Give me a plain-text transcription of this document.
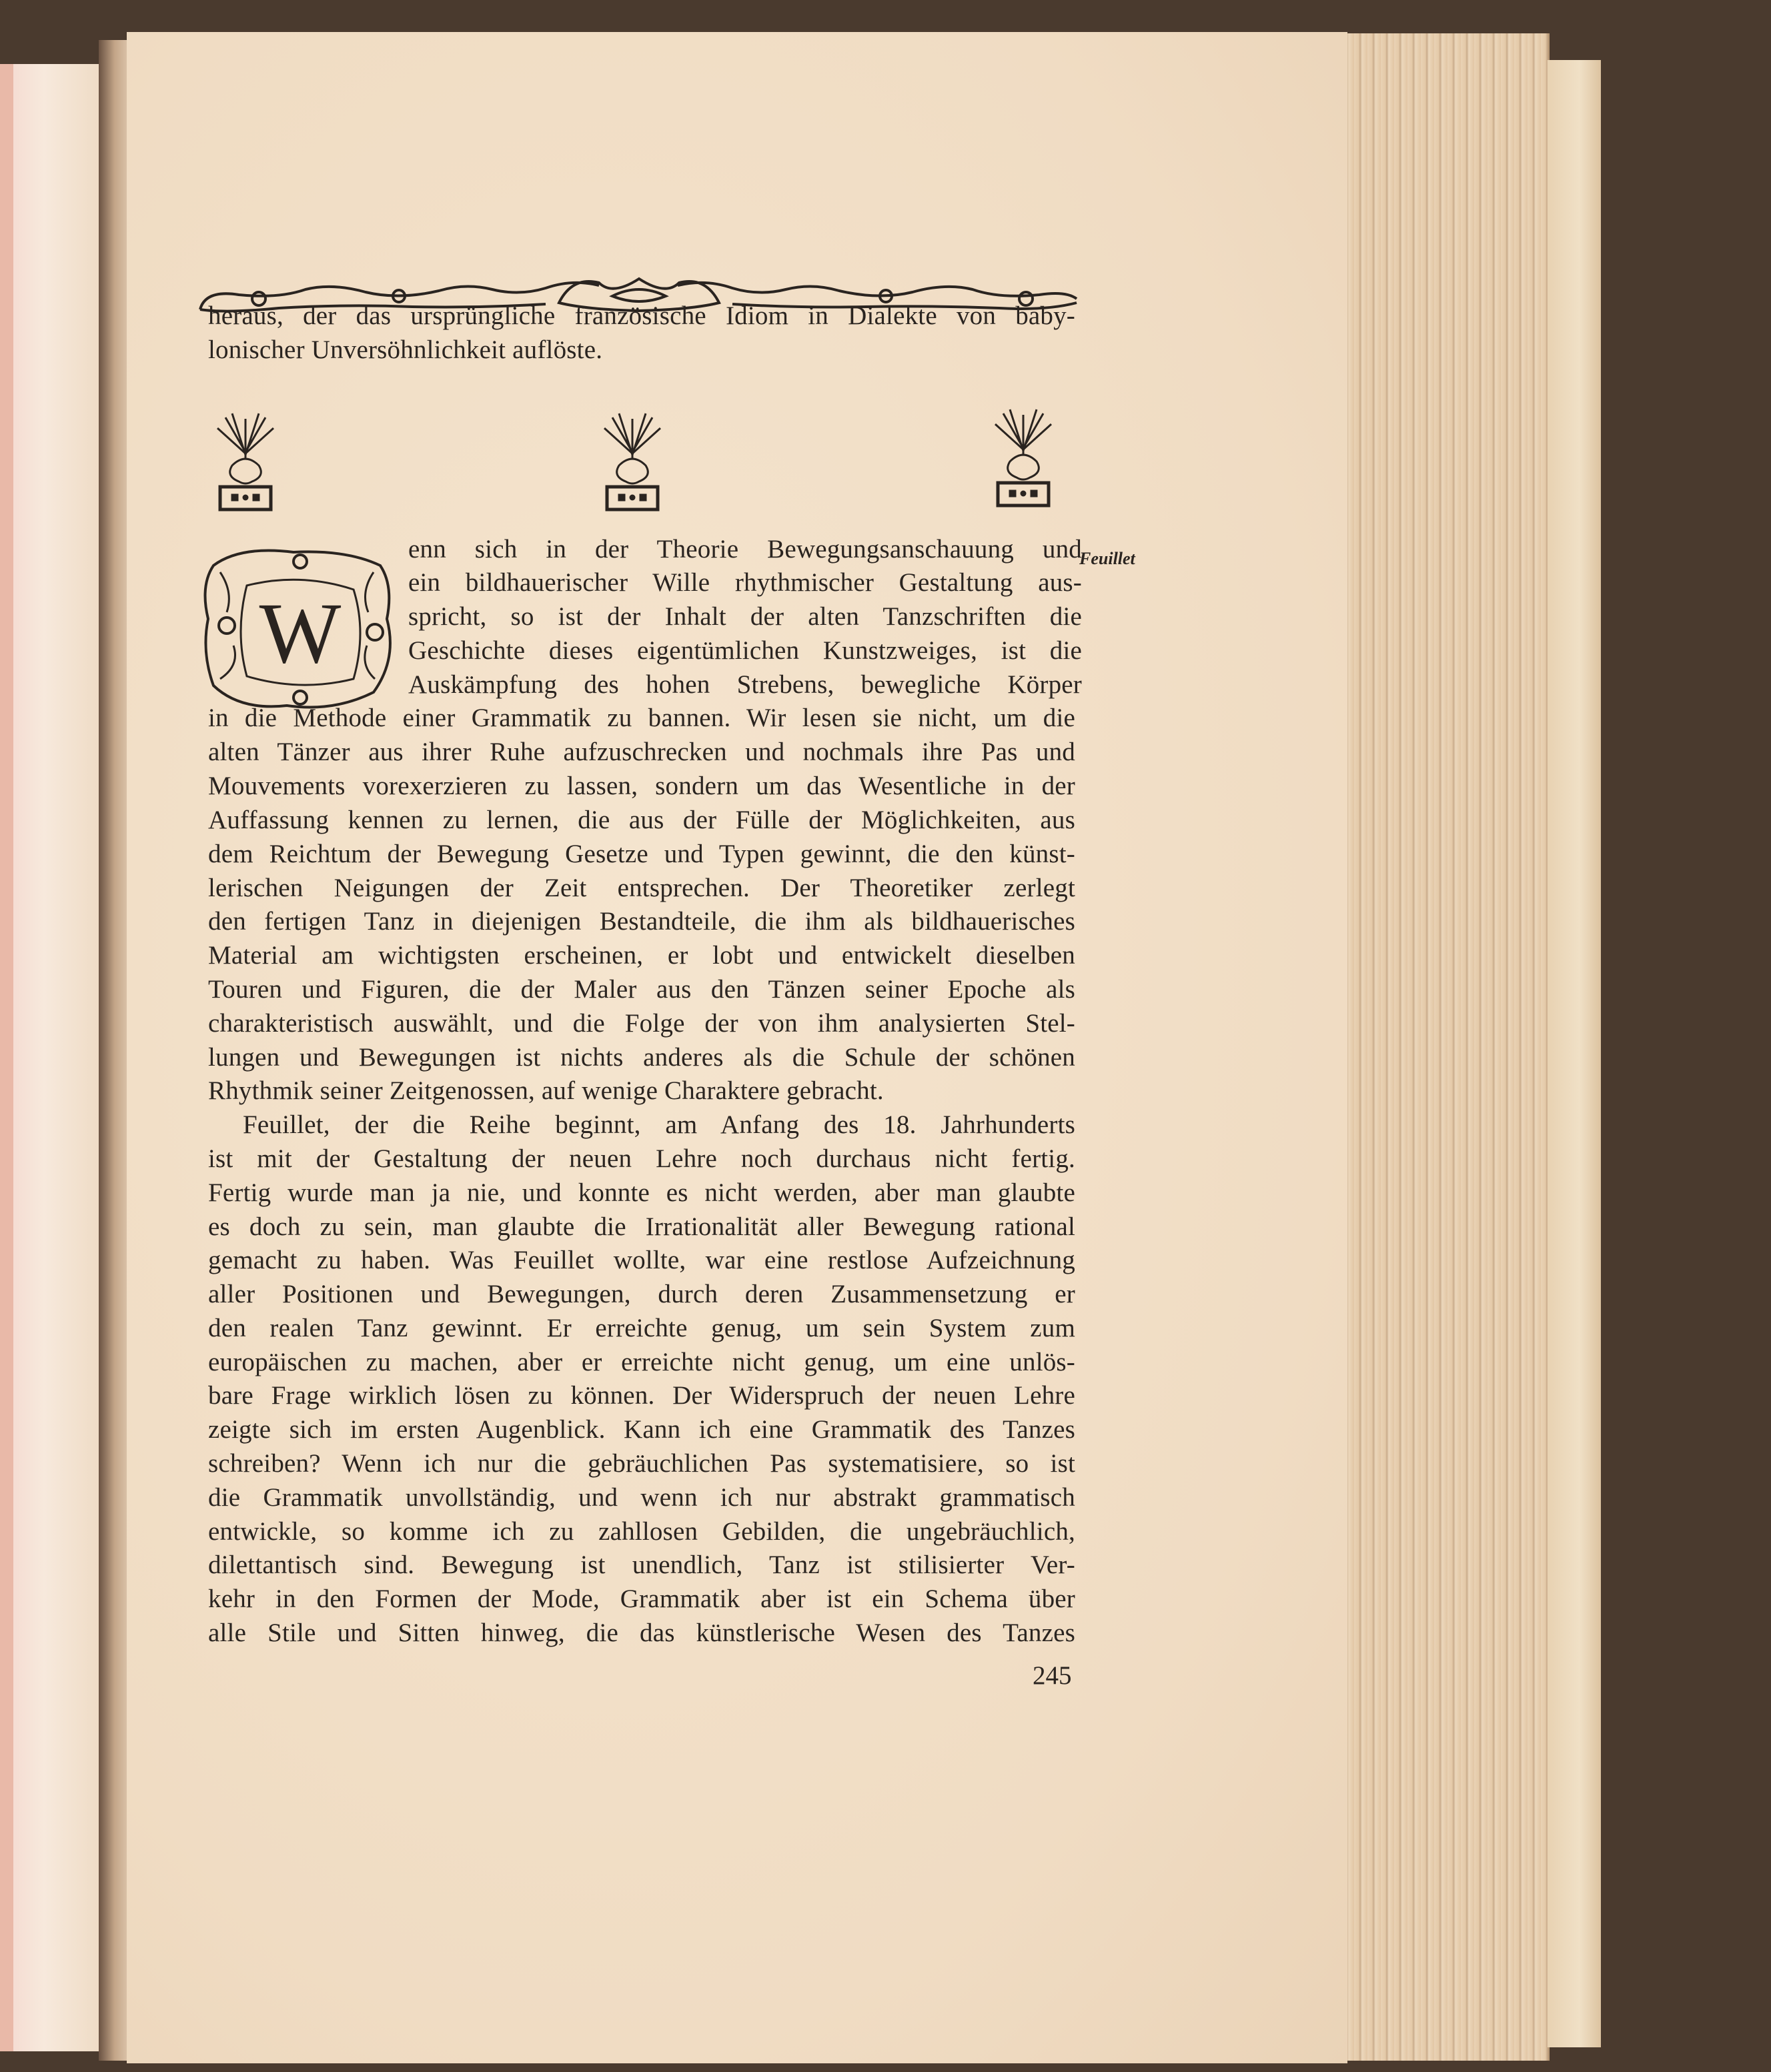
W
Feuillet
heraus, der das ursprüngliche französische Idiom in Dialekte von baby-
lonischer Unversöhnlichkeit auflöste.
enn sich in der Theorie Bewegungsanschauung und
ein bildhauerischer Wille rhythmischer Gestaltung aus-
spricht, so ist der Inhalt der alten Tanzschriften die
Geschichte dieses eigentümlichen Kunstzweiges, ist die
Auskämpfung des hohen Strebens, bewegliche Körper
in die Methode einer Grammatik zu bannen. Wir lesen sie nicht, um die
alten Tänzer aus ihrer Ruhe aufzuschrecken und nochmals ihre Pas und
Mouvements vorexerzieren zu lassen, sondern um das Wesentliche in der
Auffassung kennen zu lernen, die aus der Fülle der Möglichkeiten, aus
dem Reichtum der Bewegung Gesetze und Typen gewinnt, die den künst-
lerischen Neigungen der Zeit entsprechen. Der Theoretiker zerlegt
den fertigen Tanz in diejenigen Bestandteile, die ihm als bildhauerisches
Material am wichtigsten erscheinen, er lobt und entwickelt dieselben
Touren und Figuren, die der Maler aus den Tänzen seiner Epoche als
charakteristisch auswählt, und die Folge der von ihm analysierten Stel-
lungen und Bewegungen ist nichts anderes als die Schule der schönen
Rhythmik seiner Zeitgenossen, auf wenige Charaktere gebracht.
Feuillet, der die Reihe beginnt, am Anfang des 18. Jahrhunderts
ist mit der Gestaltung der neuen Lehre noch durchaus nicht fertig.
Fertig wurde man ja nie, und konnte es nicht werden, aber man glaubte
es doch zu sein, man glaubte die Irrationalität aller Bewegung rational
gemacht zu haben. Was Feuillet wollte, war eine restlose Aufzeichnung
aller Positionen und Bewegungen, durch deren Zusammensetzung er
den realen Tanz gewinnt. Er erreichte genug, um sein System zum
europäischen zu machen, aber er erreichte nicht genug, um eine unlös-
bare Frage wirklich lösen zu können. Der Widerspruch der neuen Lehre
zeigte sich im ersten Augenblick. Kann ich eine Grammatik des Tanzes
schreiben? Wenn ich nur die gebräuchlichen Pas systematisiere, so ist
die Grammatik unvollständig, und wenn ich nur abstrakt grammatisch
entwickle, so komme ich zu zahllosen Gebilden, die ungebräuchlich,
dilettantisch sind. Bewegung ist unendlich, Tanz ist stilisierter Ver-
kehr in den Formen der Mode, Grammatik aber ist ein Schema über
alle Stile und Sitten hinweg, die das künstlerische Wesen des Tanzes
245
